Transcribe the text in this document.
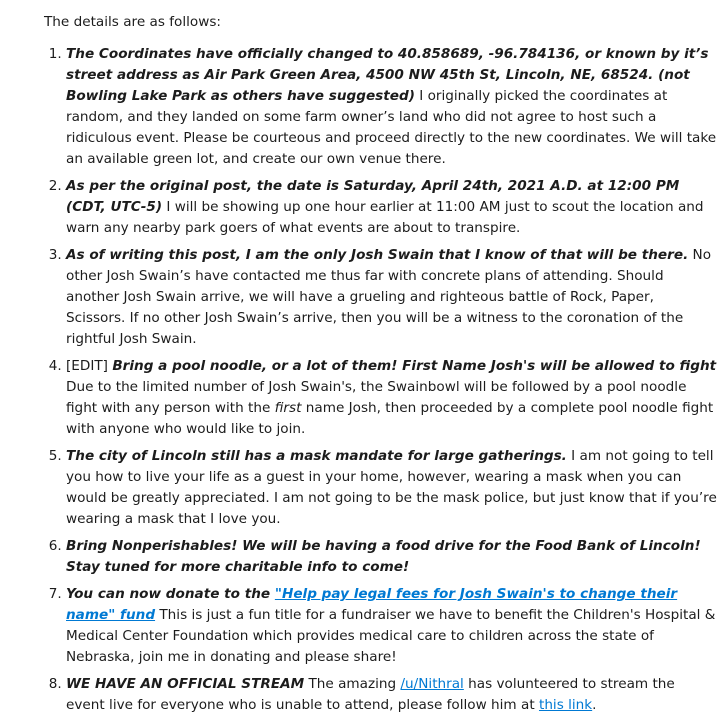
The details are as follows:

1. The Coordinates have officially changed to 40.858689, -96.784136, or known by it’s street address as Air Park Green Area, 4500 NW 45th St, Lincoln, NE, 68524. (not Bowling Lake Park as others have suggested) I originally picked the coordinates at random, and they landed on some farm owner’s land who did not agree to host such a ridiculous event. Please be courteous and proceed directly to the new coordinates. We will take an available green lot, and create our own venue there.
2. As per the original post, the date is Saturday, April 24th, 2021 A.D. at 12:00 PM (CDT, UTC-5) I will be showing up one hour earlier at 11:00 AM just to scout the location and warn any nearby park goers of what events are about to transpire.
3. As of writing this post, I am the only Josh Swain that I know of that will be there. No other Josh Swain’s have contacted me thus far with concrete plans of attending. Should another Josh Swain arrive, we will have a grueling and righteous battle of Rock, Paper, Scissors. If no other Josh Swain’s arrive, then you will be a witness to the coronation of the rightful Josh Swain.
4. [EDIT] Bring a pool noodle, or a lot of them! First Name Josh's will be allowed to fight Due to the limited number of Josh Swain's, the Swainbowl will be followed by a pool noodle fight with any person with the first name Josh, then proceeded by a complete pool noodle fight with anyone who would like to join.
5. The city of Lincoln still has a mask mandate for large gatherings. I am not going to tell you how to live your life as a guest in your home, however, wearing a mask when you can would be greatly appreciated. I am not going to be the mask police, but just know that if you’re wearing a mask that I love you.
6. Bring Nonperishables! We will be having a food drive for the Food Bank of Lincoln! Stay tuned for more charitable info to come!
7. You can now donate to the "Help pay legal fees for Josh Swain's to change their name" fund This is just a fun title for a fundraiser we have to benefit the Children's Hospital & Medical Center Foundation which provides medical care to children across the state of Nebraska, join me in donating and please share!
8. WE HAVE AN OFFICIAL STREAM The amazing /u/Nithral has volunteered to stream the event live for everyone who is unable to attend, please follow him at this link.
